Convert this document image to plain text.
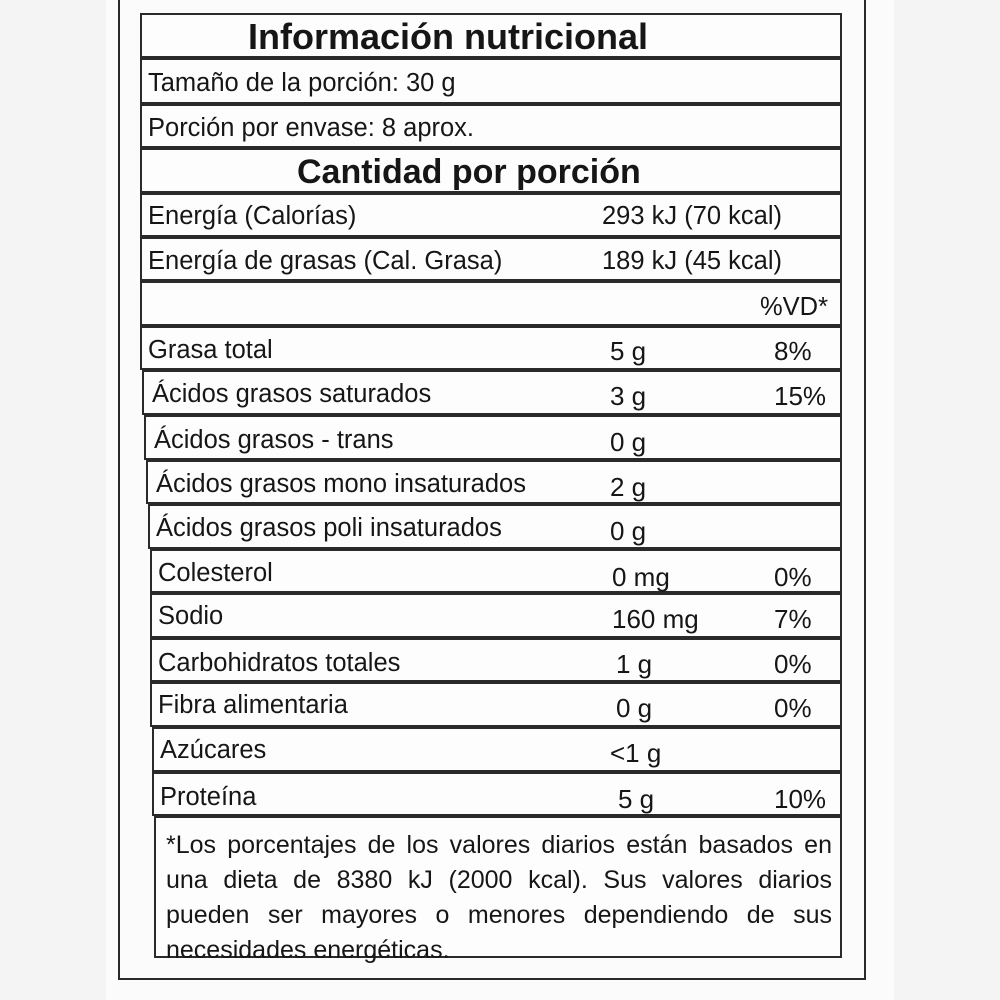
Información nutricional
Tamaño de la porción: 30 g
Porción por envase: 8 aprox.
Cantidad por porción
Energía (Calorías)	293 kJ (70 kcal)
Energía de grasas (Cal. Grasa)	189 kJ (45 kcal)
%VD*
Grasa total	5 g	8%
Ácidos grasos saturados	3 g	15%
Ácidos grasos - trans	0 g
Ácidos grasos mono insaturados	2 g
Ácidos grasos poli insaturados	0 g
Colesterol	0 mg	0%
Sodio	160 mg	7%
Carbohidratos totales	1 g	0%
Fibra alimentaria	0 g	0%
Azúcares	<1 g
Proteína	5 g	10%
*Los porcentajes de los valores diarios están basados en una dieta de 8380 kJ (2000 kcal). Sus valores diarios pueden ser mayores o menores dependiendo de sus necesidades energéticas.
